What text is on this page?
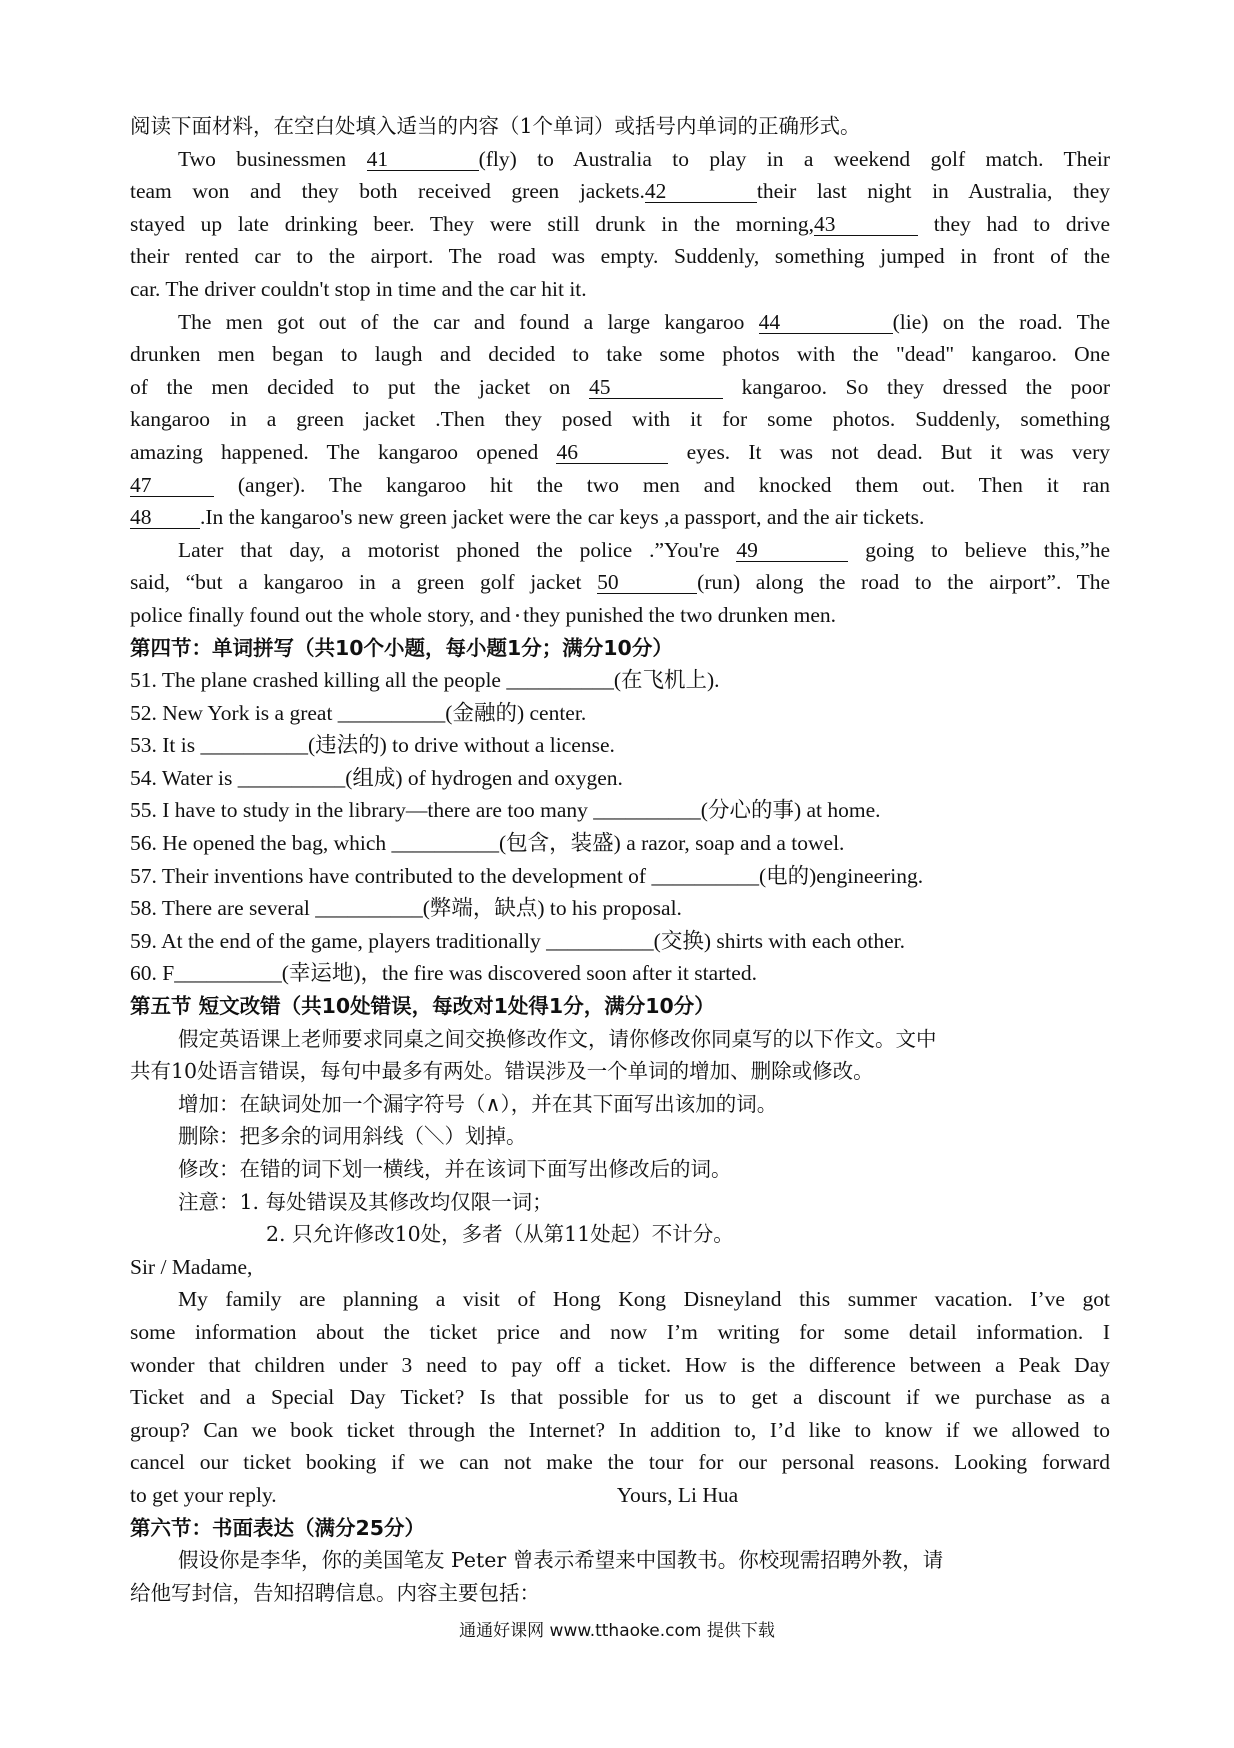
阅读下面材料，在空白处填入适当的内容（1个单词）或括号内单词的正确形式。
Two businessmen 41	(fly) to Australia to play in a weekend golf match. Their
team won and they both received green jackets.42	their last night in Australia, they
stayed up late drinking beer. They were still drunk in the morning,43	they had to drive
their rented car to the airport. The road was empty. Suddenly, something jumped in front of the
car. The driver couldn't stop in time and the car hit it.
The men got out of the car and found a large kangaroo 44	(lie) on the road. The
drunken men began to laugh and decided to take some photos with the "dead" kangaroo. One
of the men decided to put the jacket on 45	kangaroo. So they dressed the poor
kangaroo in a green jacket .Then they posed with it for some photos. Suddenly, something
amazing happened. The kangaroo opened 46	eyes. It was not dead. But it was very
47	(anger). The kangaroo hit the two men and knocked them out. Then it ran
48 .In the kangaroo's new green jacket were the car keys ,a passport, and the air tickets.
Later that day, a motorist phoned the police .”You're 49	going to believe this,”he
said, “but a kangaroo in a green golf jacket 50	(run) along the road to the airport”. The
police finally found out the whole story, and they punished the two drunken men.
第四节：单词拼写（共10个小题，每小题1分；满分10分）
51. The plane crashed killing all the people __________(在飞机上).
52. New York is a great __________(金融的) center.
53. It is __________(违法的) to drive without a license.
54. Water is __________(组成) of hydrogen and oxygen.
55. I have to study in the library—there are too many __________(分心的事) at home.
56. He opened the bag, which __________(包含，装盛) a razor, soap and a towel.
57. Their inventions have contributed to the development of __________(电的)engineering.
58. There are several __________(弊端，缺点) to his proposal.
59. At the end of the game, players traditionally __________(交换) shirts with each other.
60. F__________(幸运地)，the fire was discovered soon after it started.
第五节 短文改错（共10处错误，每改对1处得1分，满分10分）
假定英语课上老师要求同桌之间交换修改作文，请你修改你同桌写的以下作文。文中
共有10处语言错误，每句中最多有两处。错误涉及一个单词的增加、删除或修改。
增加：在缺词处加一个漏字符号（∧），并在其下面写出该加的词。
删除：把多余的词用斜线（＼）划掉。
修改：在错的词下划一横线，并在该词下面写出修改后的词。
注意：1. 每处错误及其修改均仅限一词；
2. 只允许修改10处，多者（从第11处起）不计分。
Sir / Madame,
My family are planning a visit of Hong Kong Disneyland this summer vacation. I’ve got
some information about the ticket price and now I’m writing for some detail information. I
wonder that children under 3 need to pay off a ticket. How is the difference between a Peak Day
Ticket and a Special Day Ticket? Is that possible for us to get a discount if we purchase as a
group? Can we book ticket through the Internet? In addition to, I’d like to know if we allowed to
cancel our ticket booking if we can not make the tour for our personal reasons. Looking forward
to get your reply.	Yours, Li Hua
第六节：书面表达（满分25分）
假设你是李华，你的美国笔友 Peter 曾表示希望来中国教书。你校现需招聘外教，请
给他写封信，告知招聘信息。内容主要包括：
通通好课网 www.tthaoke.com 提供下载
